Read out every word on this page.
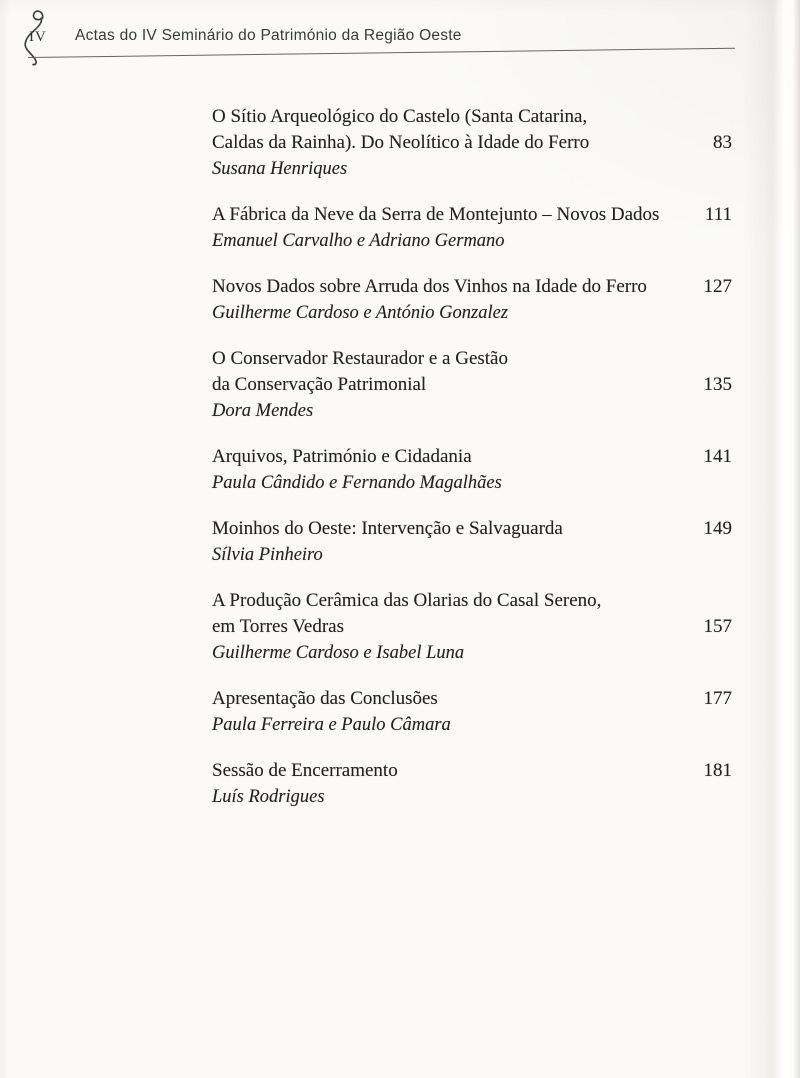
IV Actas do IV Seminário do Património da Região Oeste
O Sítio Arqueológico do Castelo (Santa Catarina,
Caldas da Rainha). Do Neolítico à Idade do Ferro	83
Susana Henriques
A Fábrica da Neve da Serra de Montejunto – Novos Dados 111
Emanuel Carvalho e Adriano Germano
Novos Dados sobre Arruda dos Vinhos na Idade do Ferro	127
Guilherme Cardoso e António Gonzalez
O Conservador Restaurador e a Gestão
da Conservação Patrimonial	135
Dora Mendes
Arquivos, Património e Cidadania	141
Paula Cândido e Fernando Magalhães
Moinhos do Oeste: Intervenção e Salvaguarda	149
Sílvia Pinheiro
A Produção Cerâmica das Olarias do Casal Sereno,
em Torres Vedras	157
Guilherme Cardoso e Isabel Luna
Apresentação das Conclusões	177
Paula Ferreira e Paulo Câmara
Sessão de Encerramento	181
Luís Rodrigues
